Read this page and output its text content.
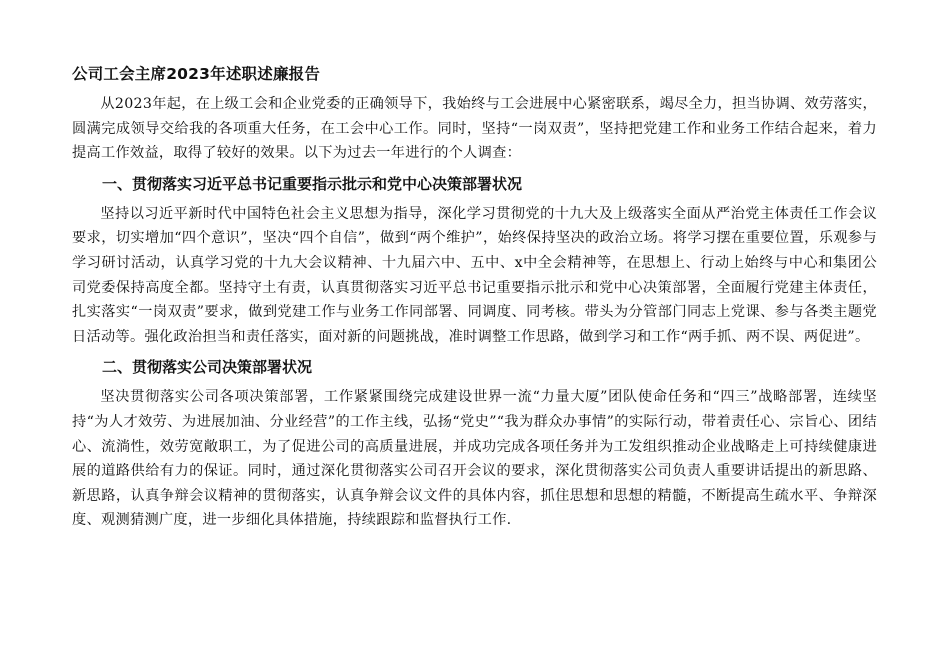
公司工会主席2023年述职述廉报告

从2023年起，在上级工会和企业党委的正确领导下，我始终与工会进展中心紧密联系，竭尽全力，担当协调、效劳落实，圆满完成领导交给我的各项重大任务，在工会中心工作。同时，坚持“一岗双责”，坚持把党建工作和业务工作结合起来，着力提高工作效益，取得了较好的效果。以下为过去一年进行的个人调查：

一、贯彻落实习近平总书记重要指示批示和党中心决策部署状况

坚持以习近平新时代中国特色社会主义思想为指导，深化学习贯彻党的十九大及上级落实全面从严治党主体责任工作会议要求，切实增加“四个意识”，坚决“四个自信”，做到“两个维护”，始终保持坚决的政治立场。将学习摆在重要位置，乐观参与学习研讨活动，认真学习党的十九大会议精神、十九届六中、五中、x中全会精神等，在思想上、行动上始终与中心和集团公司党委保持高度全都。坚持守土有责，认真贯彻落实习近平总书记重要指示批示和党中心决策部署，全面履行党建主体责任，扎实落实“一岗双责”要求，做到党建工作与业务工作同部署、同调度、同考核。带头为分管部门同志上党课、参与各类主题党日活动等。强化政治担当和责任落实，面对新的问题挑战，准时调整工作思路，做到学习和工作“两手抓、两不误、两促进”。

二、贯彻落实公司决策部署状况

坚决贯彻落实公司各项决策部署，工作紧紧围绕完成建设世界一流“力量大厦”团队使命任务和“四三”战略部署，连续坚持“为人才效劳、为进展加油、分业经营”的工作主线，弘扬“党史”“我为群众办事情”的实际行动，带着责任心、宗旨心、团结心、流淌性，效劳宽敞职工，为了促进公司的高质量进展，并成功完成各项任务并为工发组织推动企业战略走上可持续健康进展的道路供给有力的保证。同时，通过深化贯彻落实公司召开会议的要求，深化贯彻落实公司负责人重要讲话提出的新思路、新思路，认真争辩会议精神的贯彻落实，认真争辩会议文件的具体内容，抓住思想和思想的精髓，不断提高生疏水平、争辩深度、观测猜测广度，进一步细化具体措施，持续跟踪和监督执行工作.
